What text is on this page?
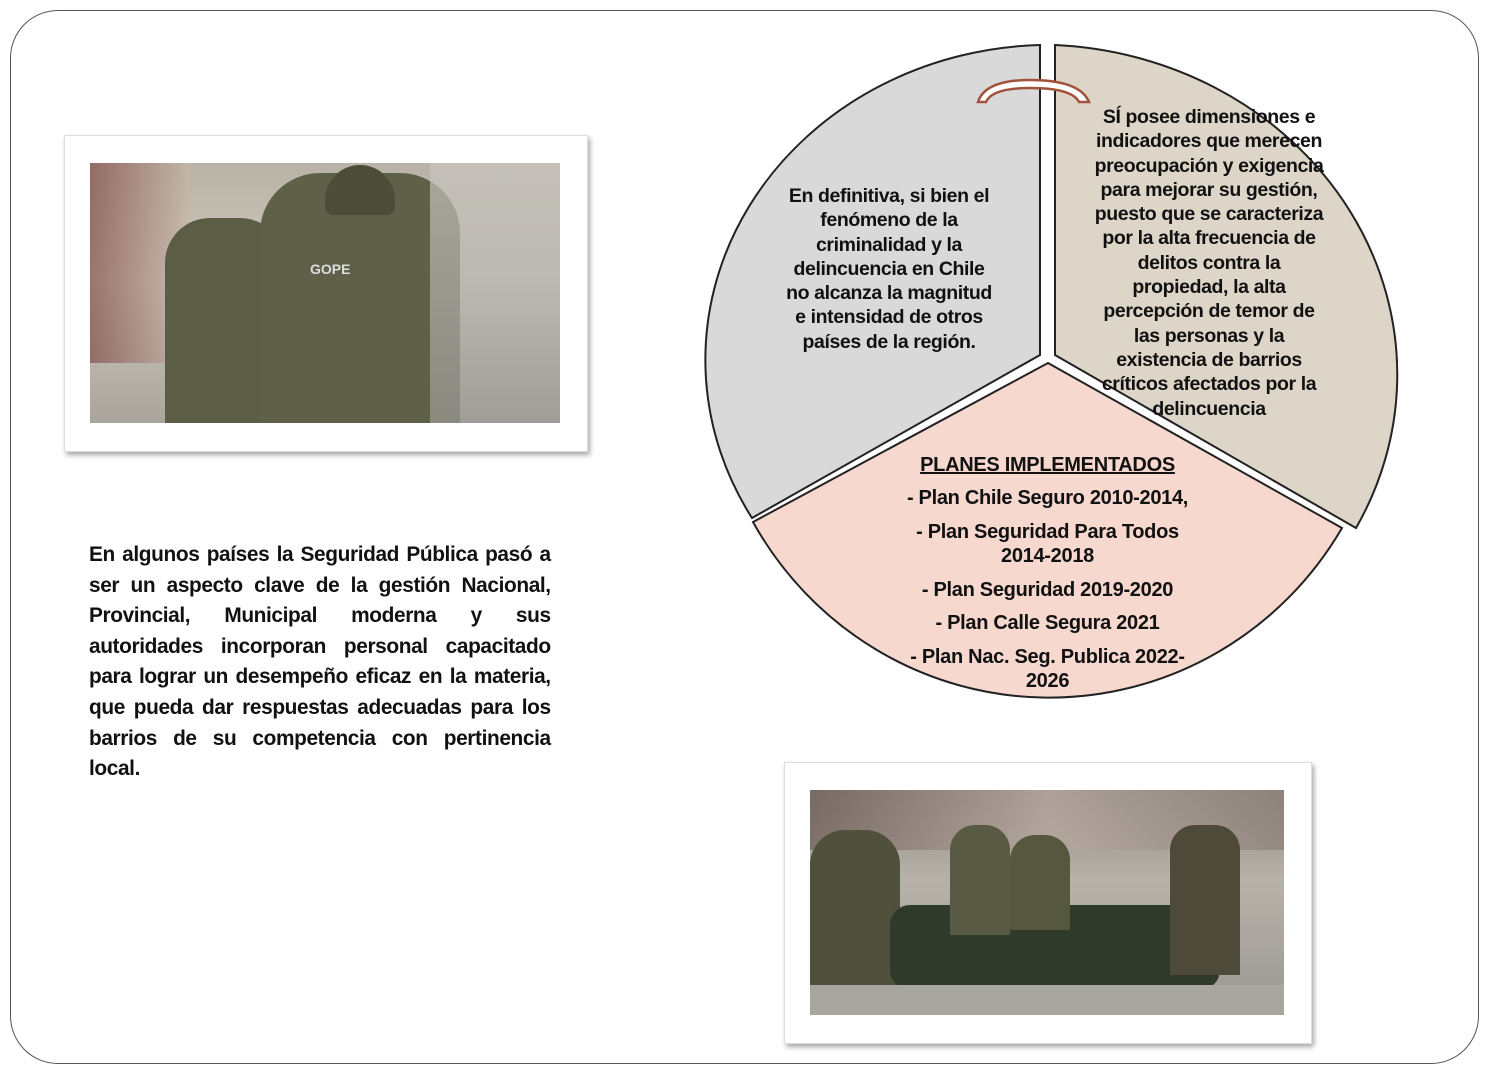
GOPE

En algunos países la Seguridad Pública pasó a ser un aspecto clave de la gestión Nacional, Provincial, Municipal moderna y sus autoridades incorporan personal capacitado para lograr un desempeño eficaz en la materia, que pueda dar respuestas adecuadas para los barrios de su competencia con pertinencia local.

En definitiva, si bien el fenómeno de la criminalidad y la delincuencia en Chile no alcanza la magnitud e intensidad de otros países de la región.
SÍ posee dimensiones e indicadores que merecen preocupación y exigencia para mejorar su gestión, puesto que se caracteriza por la alta frecuencia de delitos contra la propiedad, la alta percepción de temor de las personas y la existencia de barrios críticos afectados por la delincuencia
PLANES IMPLEMENTADOS
- Plan Chile Seguro 2010-2014,
- Plan Seguridad Para Todos 2014-2018
- Plan Seguridad 2019-2020
- Plan Calle Segura 2021
- Plan Nac. Seg. Publica 2022-2026
